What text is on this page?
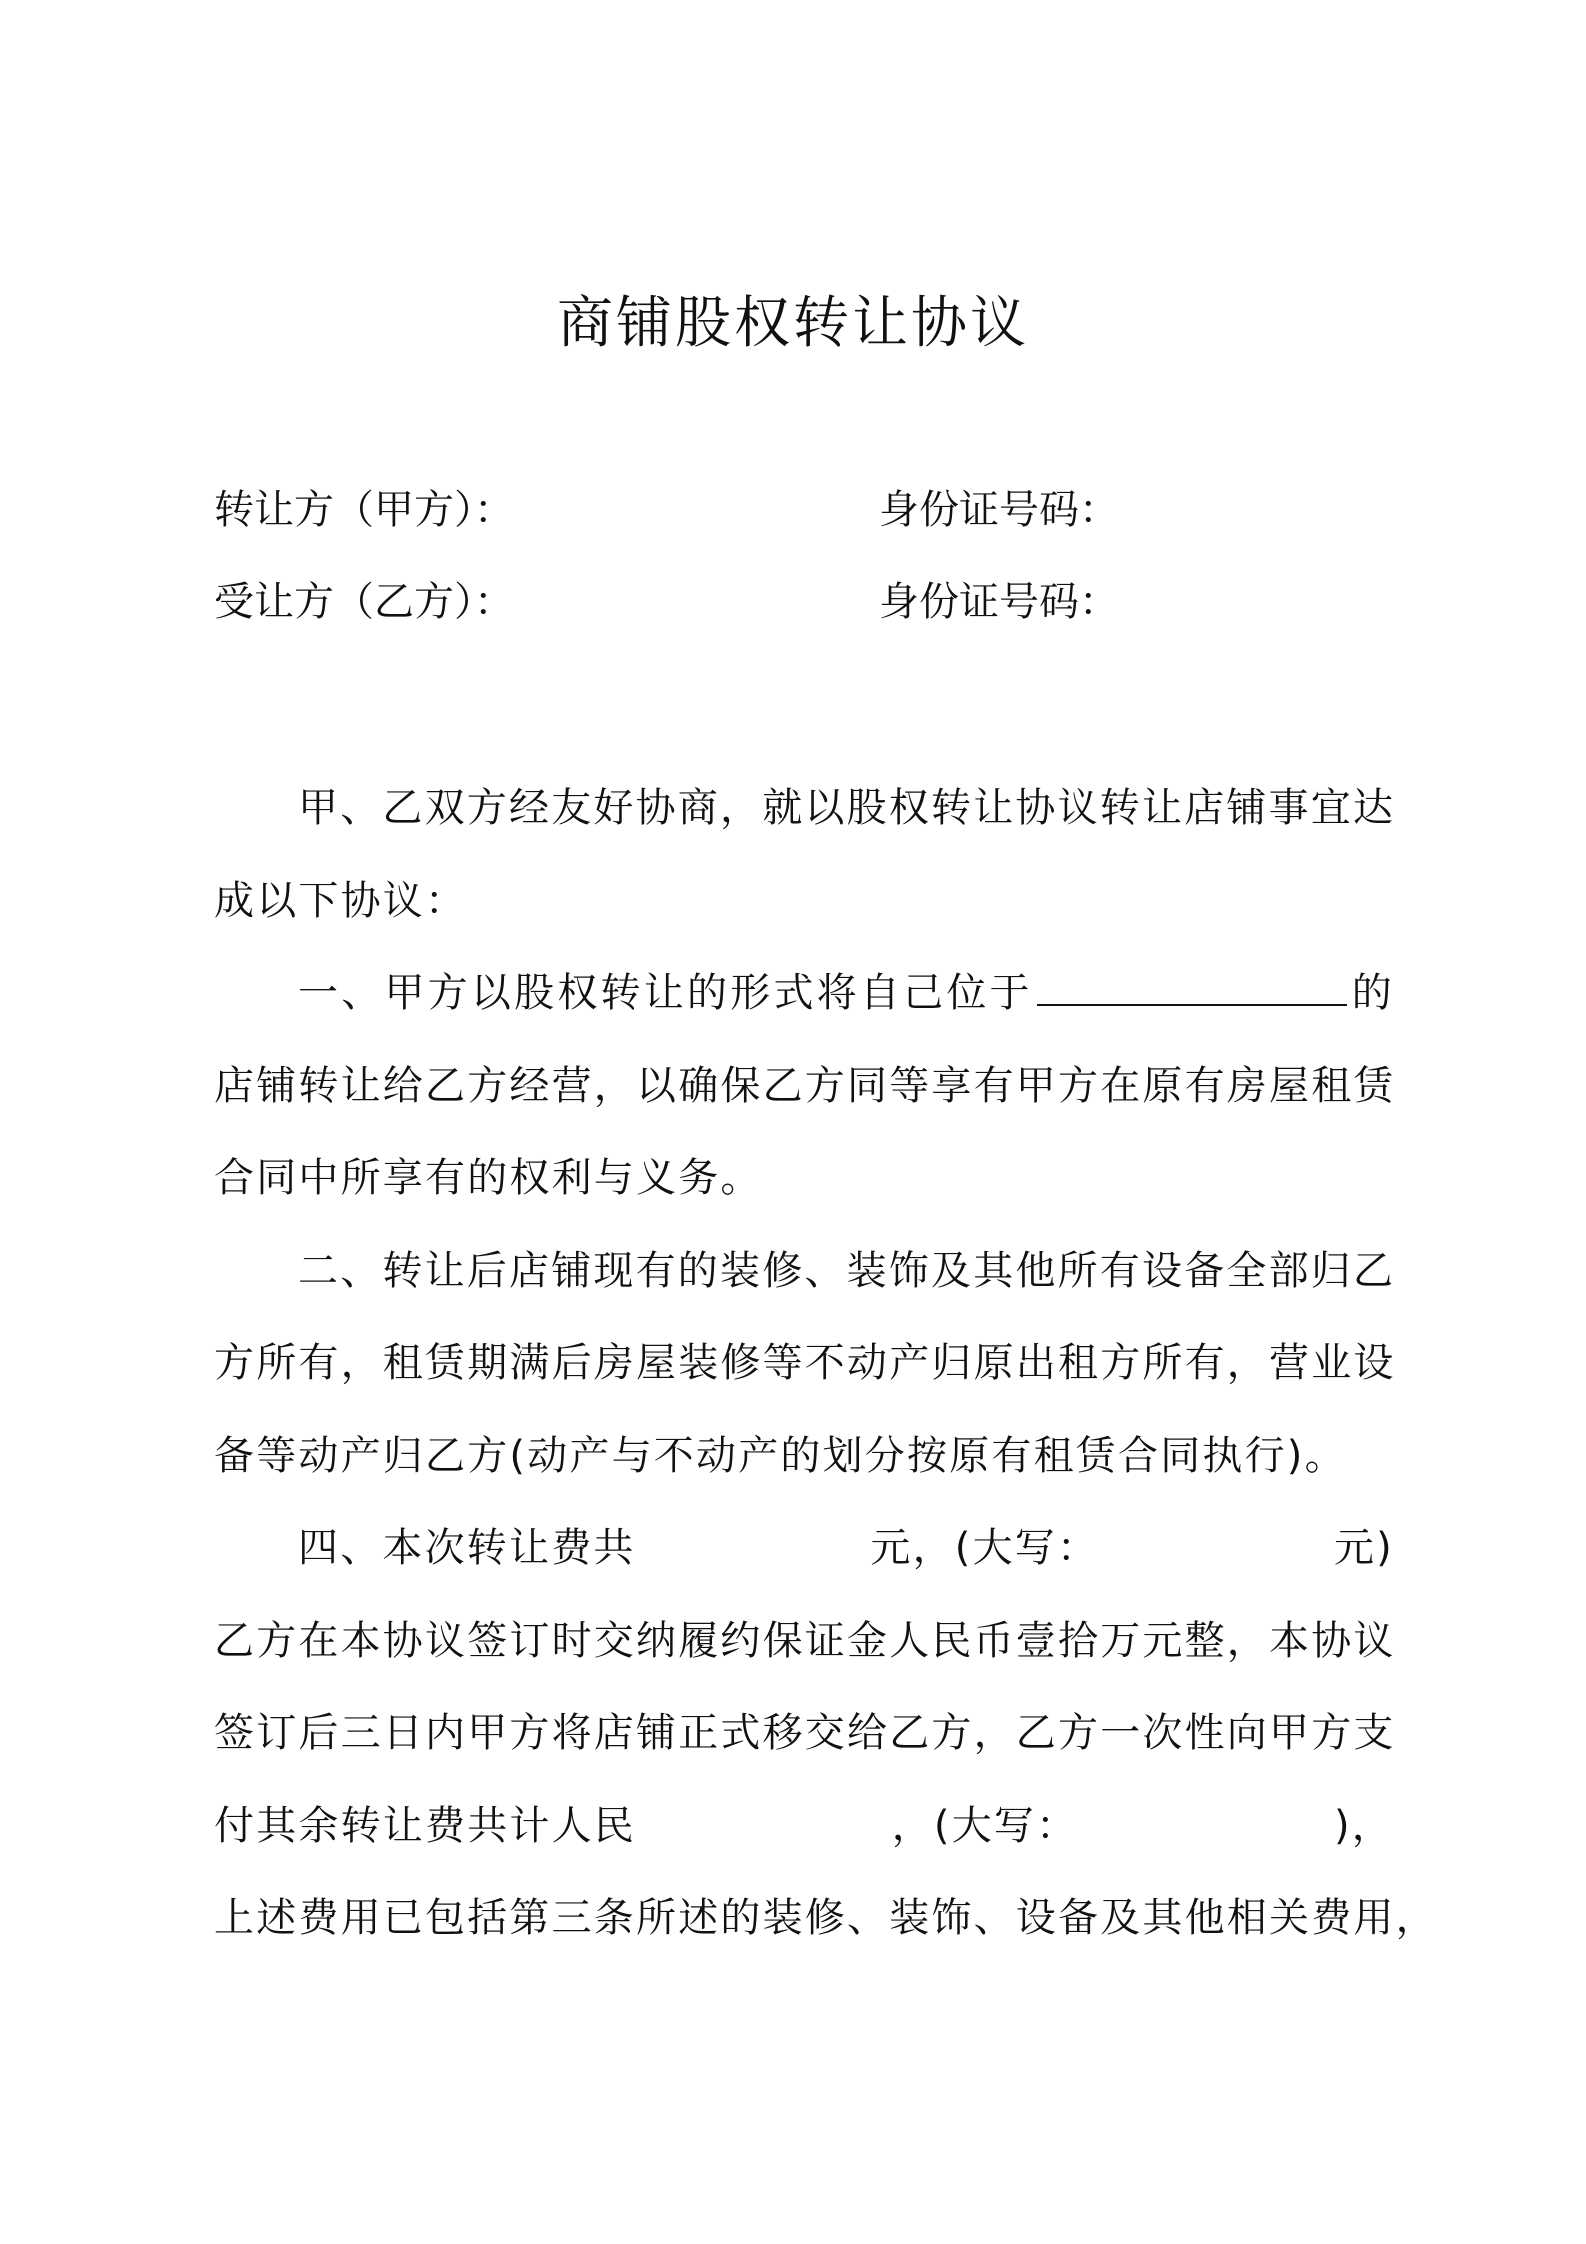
商铺股权转让协议
转让方（甲方）：	身份证号码：
受让方（乙方）：	身份证号码：
甲、乙双方经友好协商，就以股权转让协议转让店铺事宜达
成以下协议：
一、甲方以股权转让的形式将自己位于	的
店铺转让给乙方经营，以确保乙方同等享有甲方在原有房屋租赁
合同中所享有的权利与义务。
二、转让后店铺现有的装修、装饰及其他所有设备全部归乙
方所有，租赁期满后房屋装修等不动产归原出租方所有，营业设
备等动产归乙方(动产与不动产的划分按原有租赁合同执行)。
四、本次转让费共	元，(大写：	元)
乙方在本协议签订时交纳履约保证金人民币壹拾万元整，本协议
签订后三日内甲方将店铺正式移交给乙方，乙方一次性向甲方支
付其余转让费共计人民	，(大写：	)，
上述费用已包括第三条所述的装修、装饰、设备及其他相关费用，
